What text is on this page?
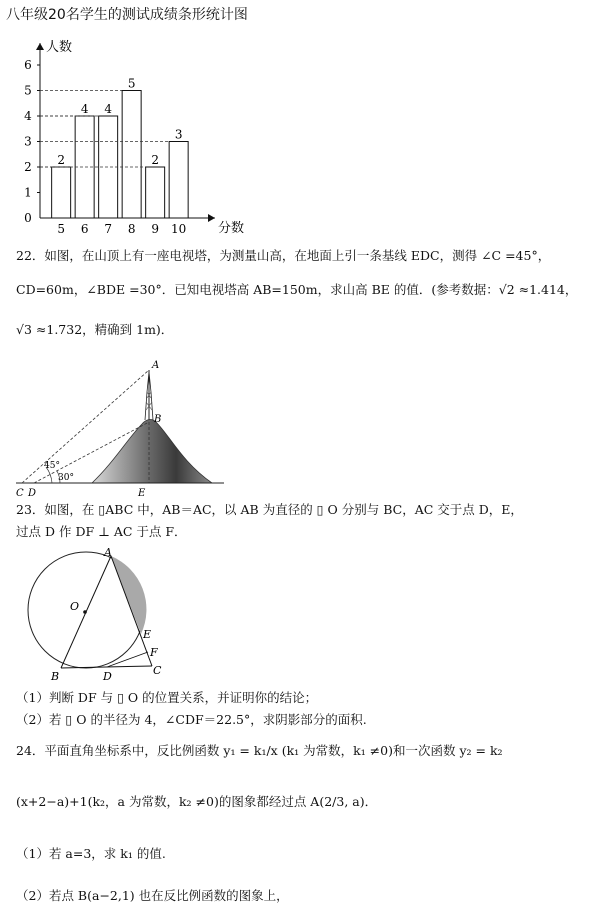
八年级20名学生的测试成绩条形统计图
人数
分数
0
1
2
3
4
5
6
2
5
4
6
4
7
5
8
2
9
3
10
22．如图，在山顶上有一座电视塔，为测量山高，在地面上引一条基线 EDC，测得 ∠C =45°，
CD=60m，∠BDE =30°．已知电视塔高 AB=150m，求山高 BE 的值．(参考数据：√2 ≈1.414，
√3 ≈1.732，精确到 1m)．
45°
30°
A
B
C D	E
23．如图，在 ▯ABC 中，AB＝AC，以 AB 为直径的 ▯ O 分别与 BC，AC 交于点 D，E，
过点 D 作 DF ⊥ AC 于点 F．
A
O
E
F
C
D
B
（1）判断 DF 与 ▯ O 的位置关系，并证明你的结论；
（2）若 ▯ O 的半径为 4，∠CDF＝22.5°，求阴影部分的面积.
24．平面直角坐标系中，反比例函数 y₁ = k₁/x (k₁ 为常数，k₁ ≠0)和一次函数 y₂ = k₂
(x+2−a)+1(k₂，a 为常数，k₂ ≠0)的图象都经过点 A(2/3, a)．
（1）若 a=3，求 k₁ 的值.
（2）若点 B(a−2,1) 也在反比例函数的图象上，
